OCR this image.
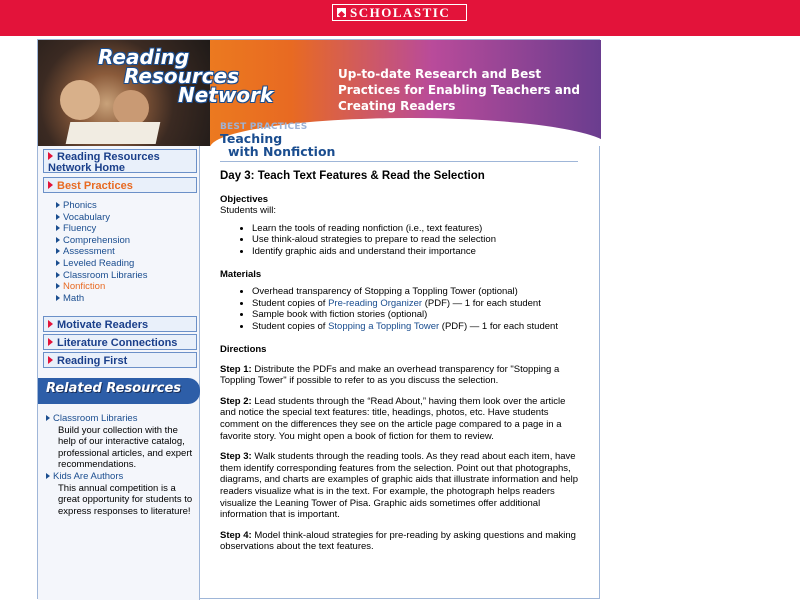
SCHOLASTIC
Reading
Resources
Network
Up-to-date Research and Best Practices for Enabling Teachers and Creating Readers
Reading Resources Network Home
Best Practices
Phonics
Vocabulary
Fluency
Comprehension
Assessment
Leveled Reading
Classroom Libraries
Nonfiction
Math
Motivate Readers
Literature Connections
Reading First
Related Resources
Classroom Libraries
Build your collection with the help of our interactive catalog, professional articles, and expert recommendations.
Kids Are Authors
This annual competition is a great opportunity for students to express responses to literature!
BEST PRACTICES
Teaching
with Nonfiction
Day 3: Teach Text Features & Read the Selection
Objectives

Students will:

• Learn the tools of reading nonfiction (i.e., text features)
• Use think-aloud strategies to prepare to read the selection
• Identify graphic aids and understand their importance
Materials
• Overhead transparency of Stopping a Toppling Tower (optional)
• Student copies of Pre-reading Organizer (PDF) — 1 for each student
• Sample book with fiction stories (optional)
• Student copies of Stopping a Toppling Tower (PDF) — 1 for each student
Directions

Step 1: Distribute the PDFs and make an overhead transparency for "Stopping a Toppling Tower" if possible to refer to as you discuss the selection.

Step 2: Lead students through the “Read About,” having them look over the article and notice the special text features: title, headings, photos, etc. Have students comment on the differences they see on the article page compared to a page in a favorite story. You might open a book of fiction for them to review.

Step 3: Walk students through the reading tools. As they read about each item, have them identify corresponding features from the selection. Point out that photographs, diagrams, and charts are examples of graphic aids that illustrate information and help readers visualize what is in the text. For example, the photograph helps readers visualize the Leaning Tower of Pisa. Graphic aids sometimes offer additional information that is important.

Step 4: Model think-aloud strategies for pre-reading by asking questions and making observations about the text features.
